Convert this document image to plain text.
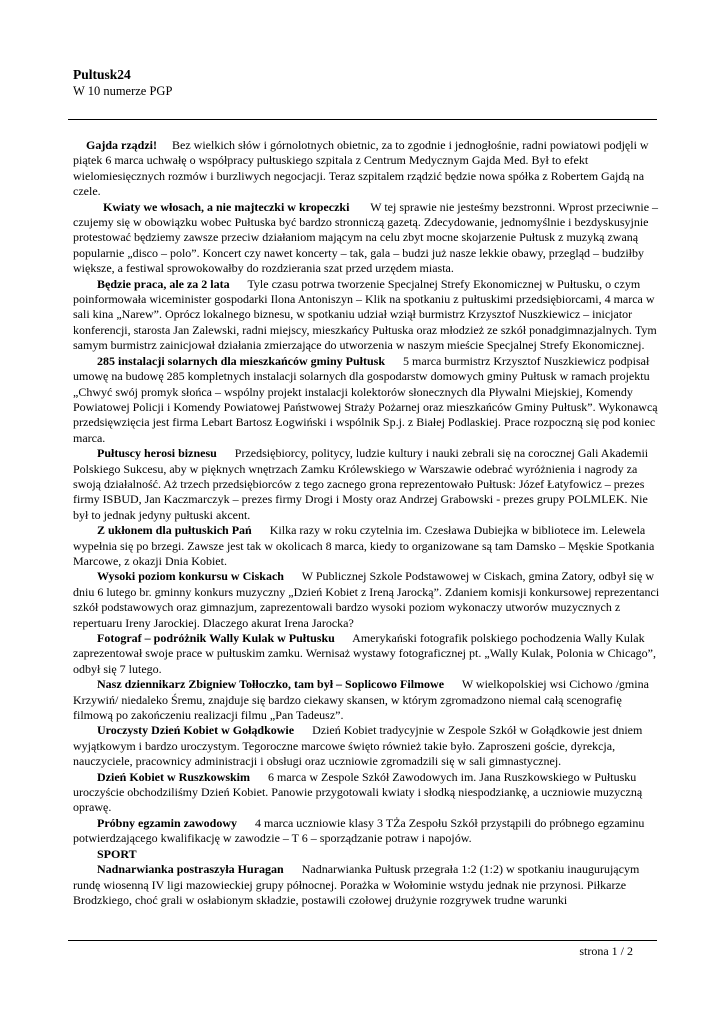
Pultusk24
W 10 numerze PGP

Gajda rządzi! Bez wielkich słów i górnolotnych obietnic, za to zgodnie i jednogłośnie, radni powiatowi podjęli w piątek 6 marca uchwałę o współpracy pułtuskiego szpitala z Centrum Medycznym Gajda Med. Był to efekt wielomiesięcznych rozmów i burzliwych negocjacji. Teraz szpitalem rządzić będzie nowa spółka z Robertem Gajdą na czele.

Kwiaty we włosach, a nie majteczki w kropeczki W tej sprawie nie jesteśmy bezstronni. Wprost przeciwnie – czujemy się w obowiązku wobec Pułtuska być bardzo stronniczą gazetą. Zdecydowanie, jednomyślnie i bezdyskusyjnie protestować będziemy zawsze przeciw działaniom mającym na celu zbyt mocne skojarzenie Pułtusk z muzyką zwaną popularnie „disco – polo”. Koncert czy nawet koncerty – tak, gala – budzi już nasze lekkie obawy, przegląd – budziłby większe, a festiwal sprowokowałby do rozdzierania szat przed urzędem miasta.

Będzie praca, ale za 2 lata Tyle czasu potrwa tworzenie Specjalnej Strefy Ekonomicznej w Pułtusku, o czym poinformowała wiceminister gospodarki Ilona Antoniszyn – Klik na spotkaniu z pułtuskimi przedsiębiorcami, 4 marca w sali kina „Narew”. Oprócz lokalnego biznesu, w spotkaniu udział wziął burmistrz Krzysztof Nuszkiewicz – inicjator konferencji, starosta Jan Zalewski, radni miejscy, mieszkańcy Pułtuska oraz młodzież ze szkół ponadgimnazjalnych. Tym samym burmistrz zainicjował działania zmierzające do utworzenia w naszym mieście Specjalnej Strefy Ekonomicznej.

285 instalacji solarnych dla mieszkańców gminy Pułtusk 5 marca burmistrz Krzysztof Nuszkiewicz podpisał umowę na budowę 285 kompletnych instalacji solarnych dla gospodarstw domowych gminy Pułtusk w ramach projektu „Chwyć swój promyk słońca – wspólny projekt instalacji kolektorów słonecznych dla Pływalni Miejskiej, Komendy Powiatowej Policji i Komendy Powiatowej Państwowej Straży Pożarnej oraz mieszkańców Gminy Pułtusk”. Wykonawcą przedsięwzięcia jest firma Lebart Bartosz Łogwiński i wspólnik Sp.j. z Białej Podlaskiej. Prace rozpoczną się pod koniec marca.

Pułtuscy herosi biznesu Przedsiębiorcy, politycy, ludzie kultury i nauki zebrali się na corocznej Gali Akademii Polskiego Sukcesu, aby w pięknych wnętrzach Zamku Królewskiego w Warszawie odebrać wyróżnienia i nagrody za swoją działalność. Aż trzech przedsiębiorców z tego zacnego grona reprezentowało Pułtusk: Józef Łatyfowicz – prezes firmy ISBUD, Jan Kaczmarczyk – prezes firmy Drogi i Mosty oraz Andrzej Grabowski - prezes grupy POLMLEK. Nie był to jednak jedyny pułtuski akcent.

Z ukłonem dla pułtuskich Pań Kilka razy w roku czytelnia im. Czesława Dubiejka w bibliotece im. Lelewela wypełnia się po brzegi. Zawsze jest tak w okolicach 8 marca, kiedy to organizowane są tam Damsko – Męskie Spotkania Marcowe, z okazji Dnia Kobiet.

Wysoki poziom konkursu w Ciskach W Publicznej Szkole Podstawowej w Ciskach, gmina Zatory, odbył się w dniu 6 lutego br. gminny konkurs muzyczny „Dzień Kobiet z Ireną Jarocką”. Zdaniem komisji konkursowej reprezentanci szkół podstawowych oraz gimnazjum, zaprezentowali bardzo wysoki poziom wykonaczy utworów muzycznych z repertuaru Ireny Jarockiej. Dlaczego akurat Irena Jarocka?

Fotograf – podróżnik Wally Kulak w Pułtusku Amerykański fotografik polskiego pochodzenia Wally Kulak zaprezentował swoje prace w pułtuskim zamku. Wernisaż wystawy fotograficznej pt. „Wally Kulak, Polonia w Chicago”, odbył się 7 lutego.

Nasz dziennikarz Zbigniew Tołłoczko, tam był – Soplicowo Filmowe W wielkopolskiej wsi Cichowo /gmina Krzywiń/ niedaleko Śremu, znajduje się bardzo ciekawy skansen, w którym zgromadzono niemal całą scenografię filmową po zakończeniu realizacji filmu „Pan Tadeusz”.

Uroczysty Dzień Kobiet w Gołądkowie Dzień Kobiet tradycyjnie w Zespole Szkół w Gołądkowie jest dniem wyjątkowym i bardzo uroczystym. Tegoroczne marcowe święto również takie było. Zaproszeni goście, dyrekcja, nauczyciele, pracownicy administracji i obsługi oraz uczniowie zgromadzili się w sali gimnastycznej.

Dzień Kobiet w Ruszkowskim 6 marca w Zespole Szkół Zawodowych im. Jana Ruszkowskiego w Pułtusku uroczyście obchodziliśmy Dzień Kobiet. Panowie przygotowali kwiaty i słodką niespodziankę, a uczniowie muzyczną oprawę.

Próbny egzamin zawodowy 4 marca uczniowie klasy 3 TŻa Zespołu Szkół przystąpili do próbnego egzaminu potwierdzającego kwalifikację w zawodzie – T 6 – sporządzanie potraw i napojów.

SPORT

Nadnarwianka postraszyła Huragan Nadnarwianka Pułtusk przegrała 1:2 (1:2) w spotkaniu inaugurującym rundę wiosenną IV ligi mazowieckiej grupy północnej. Porażka w Wołominie wstydu jednak nie przynosi. Piłkarze Brodzkiego, choć grali w osłabionym składzie, postawili czołowej drużynie rozgrywek trudne warunki

strona 1 / 2
